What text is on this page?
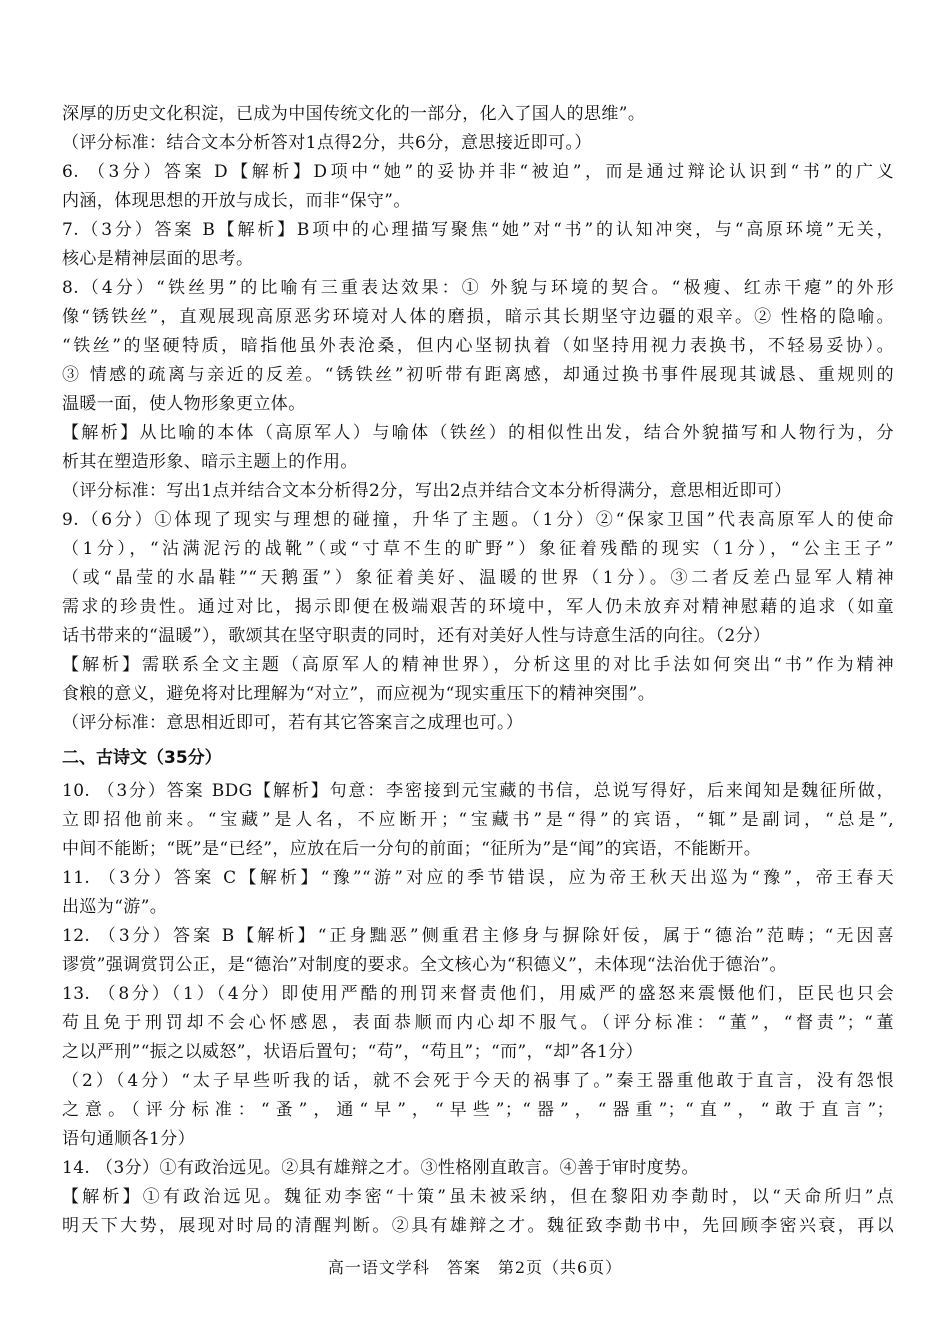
深厚的历史文化积淀，已成为中国传统文化的一部分，化入了国人的思维”。
（评分标准：结合文本分析答对1点得2分，共6分，意思接近即可。）
6. （3分）答案 D【解析】D项中“她”的妥协并非“被迫”，而是通过辩论认识到“书”的广义
内涵，体现思想的开放与成长，而非“保守”。
7.（3分）答案 B【解析】B项中的心理描写聚焦“她”对“书”的认知冲突，与“高原环境”无关，
核心是精神层面的思考。
8.（4分）“铁丝男”的比喻有三重表达效果：① 外貌与环境的契合。“极瘦、红赤干瘪”的外形
像“锈铁丝”，直观展现高原恶劣环境对人体的磨损，暗示其长期坚守边疆的艰辛。② 性格的隐喻。
“铁丝”的坚硬特质，暗指他虽外表沧桑，但内心坚韧执着（如坚持用视力表换书，不轻易妥协）。
③ 情感的疏离与亲近的反差。“锈铁丝”初听带有距离感，却通过换书事件展现其诚恳、重规则的
温暖一面，使人物形象更立体。
【解析】从比喻的本体（高原军人）与喻体（铁丝）的相似性出发，结合外貌描写和人物行为，分
析其在塑造形象、暗示主题上的作用。
（评分标准：写出1点并结合文本分析得2分，写出2点并结合文本分析得满分，意思相近即可）
9.（6分）①体现了现实与理想的碰撞，升华了主题。（1分）②“保家卫国”代表高原军人的使命
（1分），“沾满泥污的战靴”（或“寸草不生的旷野”）象征着残酷的现实（1分），“公主王子”
（或“晶莹的水晶鞋”“天鹅蛋”）象征着美好、温暖的世界（1分）。③二者反差凸显军人精神
需求的珍贵性。通过对比，揭示即便在极端艰苦的环境中，军人仍未放弃对精神慰藉的追求（如童
话书带来的“温暖”），歌颂其在坚守职责的同时，还有对美好人性与诗意生活的向往。（2分）
【解析】需联系全文主题（高原军人的精神世界），分析这里的对比手法如何突出“书”作为精神
食粮的意义，避免将对比理解为“对立”，而应视为“现实重压下的精神突围”。
（评分标准：意思相近即可，若有其它答案言之成理也可。）
二、古诗文（35分）
10. （3分）答案 BDG【解析】句意：李密接到元宝藏的书信，总说写得好，后来闻知是魏征所做，
立即招他前来。“宝藏”是人名，不应断开；“宝藏书”是“得”的宾语，“辄”是副词，“总是”,
中间不能断；“既”是“已经”，应放在后一分句的前面；“征所为”是“闻”的宾语，不能断开。
11. （3分）答案 C【解析】“豫”“游”对应的季节错误，应为帝王秋天出巡为“豫”，帝王春天
出巡为“游”。
12. （3分）答案 B【解析】“正身黜恶”侧重君主修身与摒除奸佞，属于“德治”范畴；“无因喜
谬赏”强调赏罚公正，是“德治”对制度的要求。全文核心为“积德义”，未体现“法治优于德治”。
13. （8分）（1）（4分）即使用严酷的刑罚来督责他们，用威严的盛怒来震慑他们，臣民也只会
苟且免于刑罚却不会心怀感恩，表面恭顺而内心却不服气。（评分标准：“董”，“督责”；“董
之以严刑”“振之以威怒”，状语后置句；“苟”，“苟且”；“而”，“却”各1分）
（2）（4分）“太子早些听我的话，就不会死于今天的祸事了。”秦王器重他敢于直言，没有怨恨
之意。（评分标准：“蚤”，通“早”，“早些”；“器”，“器重”；“直”，“敢于直言”；
语句通顺各1分）
14. （3分）①有政治远见。②具有雄辩之才。③性格刚直敢言。④善于审时度势。
【解析】①有政治远见。魏征劝李密“十策”虽未被采纳，但在黎阳劝李勣时，以“天命所归”点
明天下大势，展现对时局的清醒判断。②具有雄辩之才。魏征致李勣书中，先回顾李密兴衰，再以
高一语文学科　答案　第2页（共6页）
